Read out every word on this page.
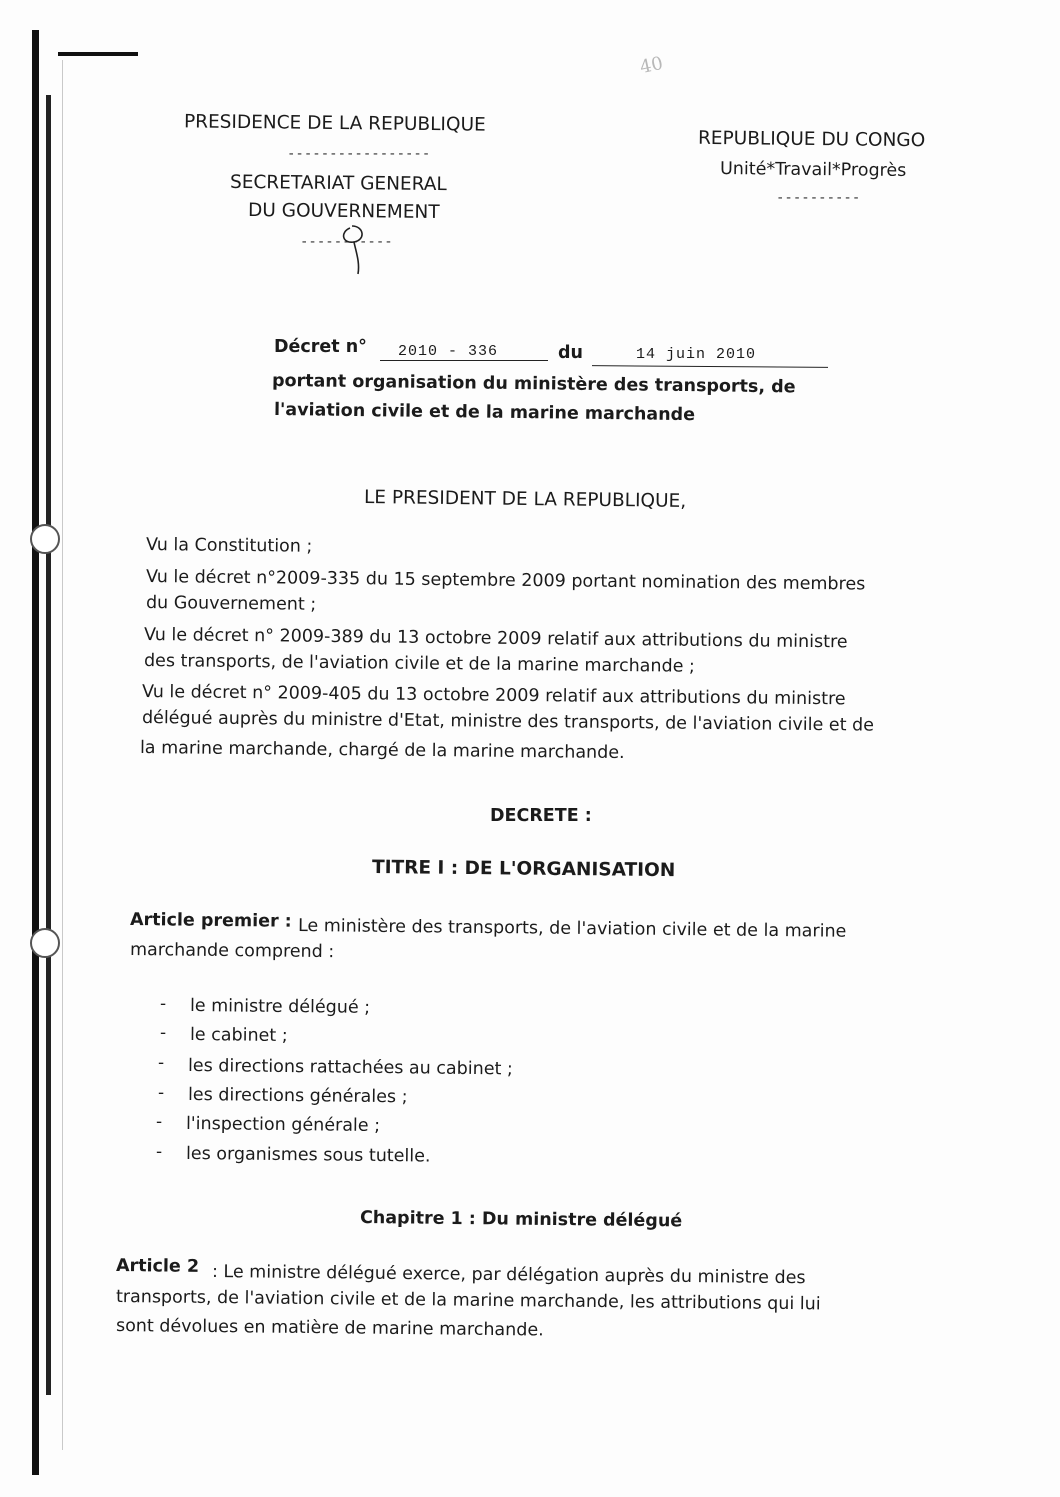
40
PRESIDENCE DE LA REPUBLIQUE
-----------------
SECRETARIAT GENERAL
DU GOUVERNEMENT
-----------
REPUBLIQUE DU CONGO
Unité*Travail*Progrès
----------
Décret n° 2010 - 336	du	14 juin 2010
portant organisation du ministère des transports, de
l'aviation civile et de la marine marchande
LE PRESIDENT DE LA REPUBLIQUE,
Vu la Constitution ;
Vu le décret n°2009-335 du 15 septembre 2009 portant nomination des membres
du Gouvernement ;
Vu le décret n° 2009-389 du 13 octobre 2009 relatif aux attributions du ministre
des transports, de l'aviation civile et de la marine marchande ;
Vu le décret n° 2009-405 du 13 octobre 2009 relatif aux attributions du ministre
délégué auprès du ministre d'Etat, ministre des transports, de l'aviation civile et de
la marine marchande, chargé de la marine marchande.
DECRETE :
TITRE I : DE L'ORGANISATION
Article premier : Le ministère des transports, de l'aviation civile et de la marine
marchande comprend :
- le ministre délégué ;
- le cabinet ;
- les directions rattachées au cabinet ;
- les directions générales ;
- l'inspection générale ;
- les organismes sous tutelle.
Chapitre 1 : Du ministre délégué
Article 2 : Le ministre délégué exerce, par délégation auprès du ministre des
transports, de l'aviation civile et de la marine marchande, les attributions qui lui
sont dévolues en matière de marine marchande.
